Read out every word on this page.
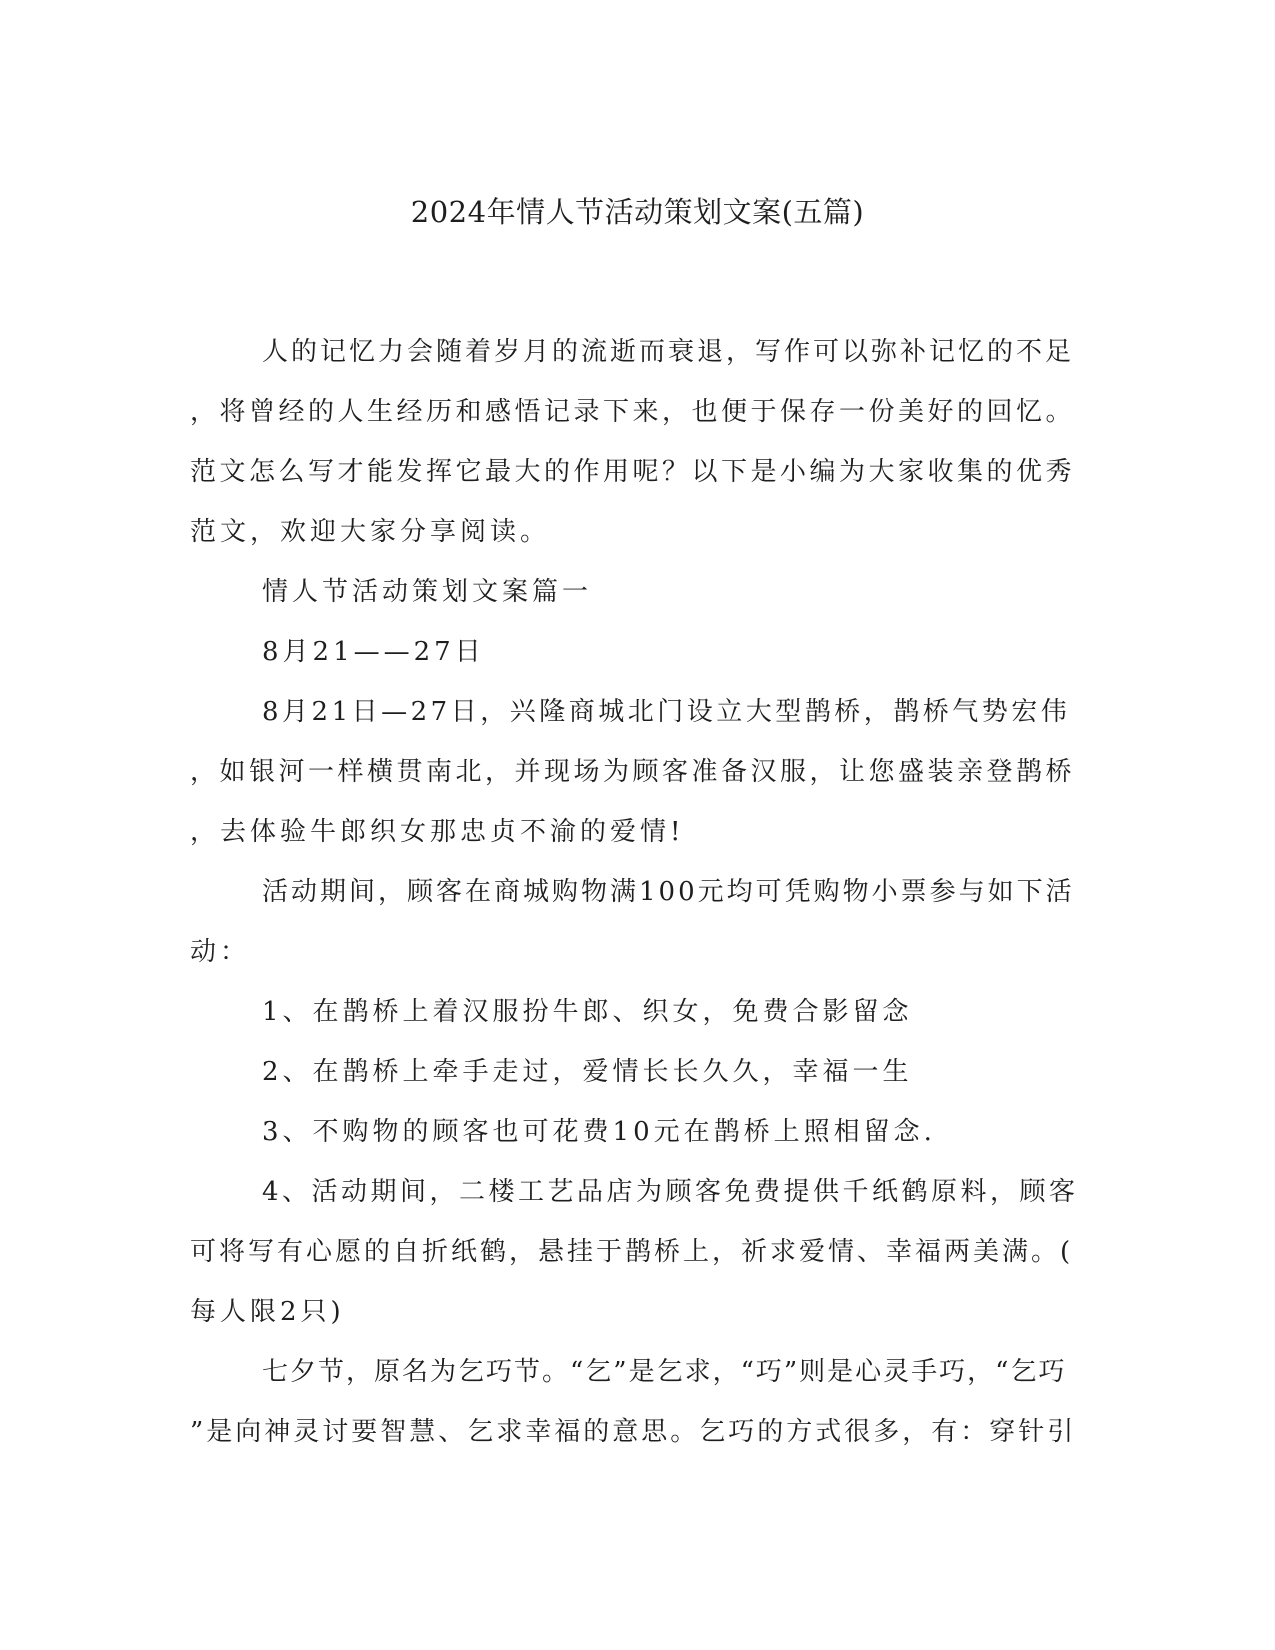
2024年情人节活动策划文案(五篇)
人的记忆力会随着岁月的流逝而衰退，写作可以弥补记忆的不足
，将曾经的人生经历和感悟记录下来，也便于保存一份美好的回忆。
范文怎么写才能发挥它最大的作用呢？以下是小编为大家收集的优秀
范文，欢迎大家分享阅读。
情人节活动策划文案篇一
8月21——27日
8月21日—27日，兴隆商城北门设立大型鹊桥，鹊桥气势宏伟
，如银河一样横贯南北，并现场为顾客准备汉服，让您盛装亲登鹊桥
，去体验牛郎织女那忠贞不渝的爱情!
活动期间，顾客在商城购物满100元均可凭购物小票参与如下活
动：
1、在鹊桥上着汉服扮牛郎、织女，免费合影留念
2、在鹊桥上牵手走过，爱情长长久久，幸福一生
3、不购物的顾客也可花费10元在鹊桥上照相留念.
4、活动期间，二楼工艺品店为顾客免费提供千纸鹤原料，顾客
可将写有心愿的自折纸鹤，悬挂于鹊桥上，祈求爱情、幸福两美满。(
每人限2只)
七夕节，原名为乞巧节。“乞”是乞求，“巧”则是心灵手巧，“乞巧
”是向神灵讨要智慧、乞求幸福的意思。乞巧的方式很多，有：穿针引
